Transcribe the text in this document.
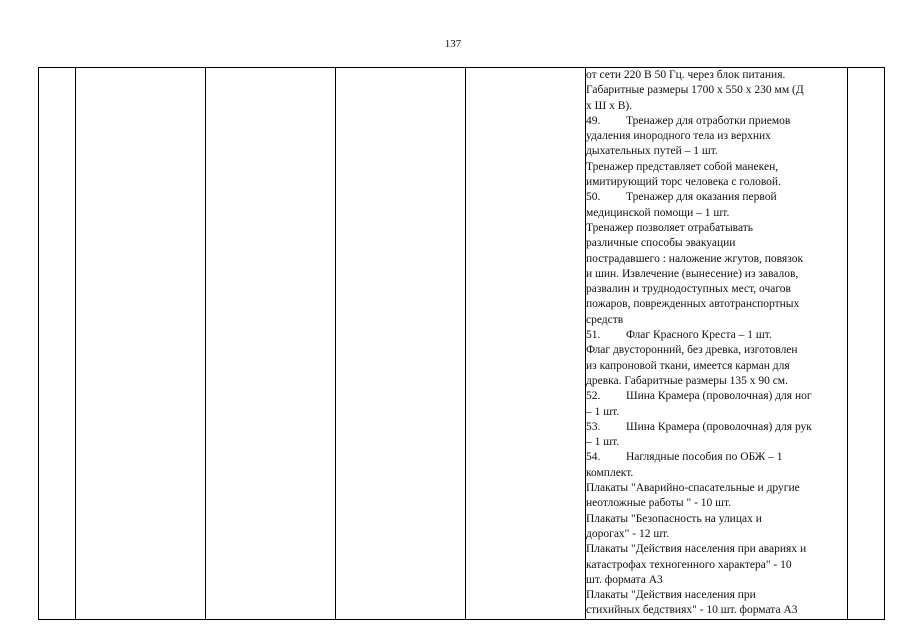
137

от сети 220 В 50 Гц. через блок питания.
Габаритные размеры 1700 х 550 х 230 мм (Д
х Ш х В).
49. Тренажер для отработки приемов
удаления инородного тела из верхних
дыхательных путей – 1 шт.
Тренажер представляет собой манекен,
имитирующий торс человека с головой.
50. Тренажер для оказания первой
медицинской помощи – 1 шт.
Тренажер позволяет отрабатывать
различные способы эвакуации
пострадавшего : наложение жгутов, повязок
и шин. Извлечение (вынесение) из завалов,
развалин и труднодоступных мест, очагов
пожаров, поврежденных автотранспортных
средств
51. Флаг Красного Креста – 1 шт.
Флаг двусторонний, без древка, изготовлен
из капроновой ткани, имеется карман для
древка. Габаритные размеры 135 х 90 см.
52. Шина Крамера (проволочная) для ног
– 1 шт.
53. Шина Крамера (проволочная) для рук
– 1 шт.
54. Наглядные пособия по ОБЖ – 1
комплект.
Плакаты "Аварийно-спасательные и другие
неотложные работы " - 10 шт.
Плакаты "Безопасность на улицах и
дорогах" - 12 шт.
Плакаты "Действия населения при авариях и
катастрофах техногенного характера" - 10
шт. формата А3
Плакаты "Действия населения при
стихийных бедствиях" - 10 шт. формата А3
